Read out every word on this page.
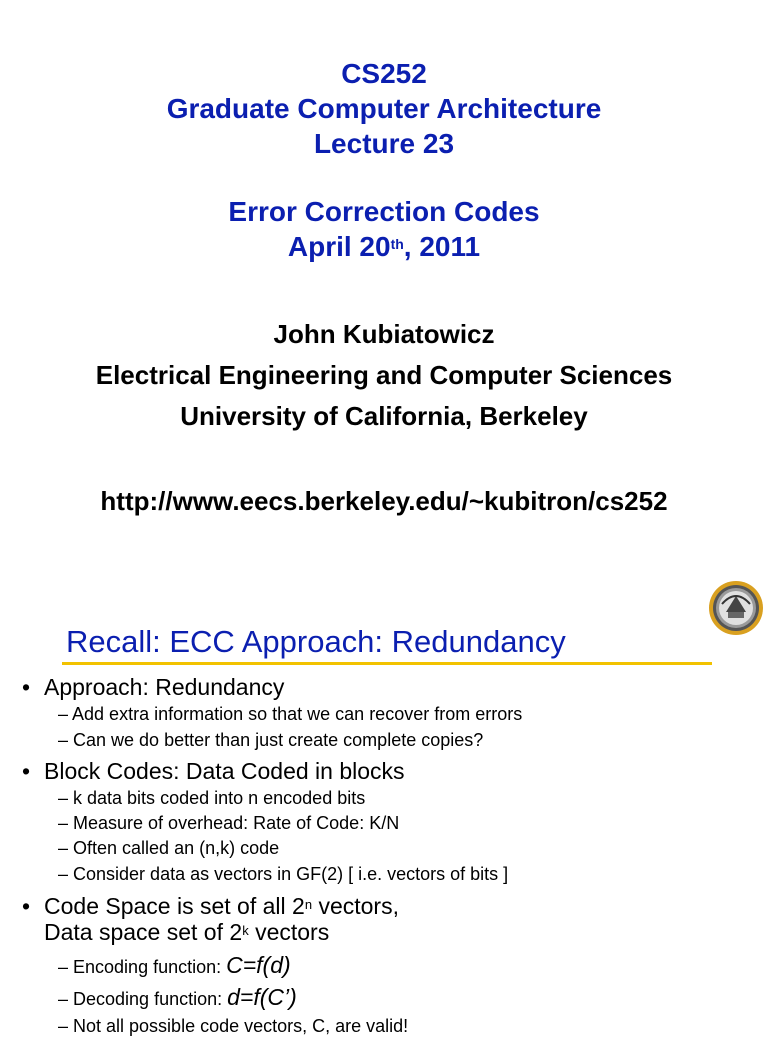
CS252
Graduate Computer Architecture
Lecture 23
Error Correction Codes
April 20th, 2011
John Kubiatowicz
Electrical Engineering and Computer Sciences
University of California, Berkeley
http://www.eecs.berkeley.edu/~kubitron/cs252
Recall: ECC Approach: Redundancy
• Approach: Redundancy
– Add extra information so that we can recover from errors
– Can we do better than just create complete copies?
• Block Codes: Data Coded in blocks
– k data bits coded into n encoded bits
– Measure of overhead: Rate of Code: K/N
– Often called an (n,k) code
– Consider data as vectors in GF(2) [ i.e. vectors of bits ]
• Code Space is set of all 2$^n$ vectors,
Data space set of 2$^k$ vectors
– Encoding function: C=f(d)
– Decoding function: d=f(C’)
– Not all possible code vectors, C, are valid!
